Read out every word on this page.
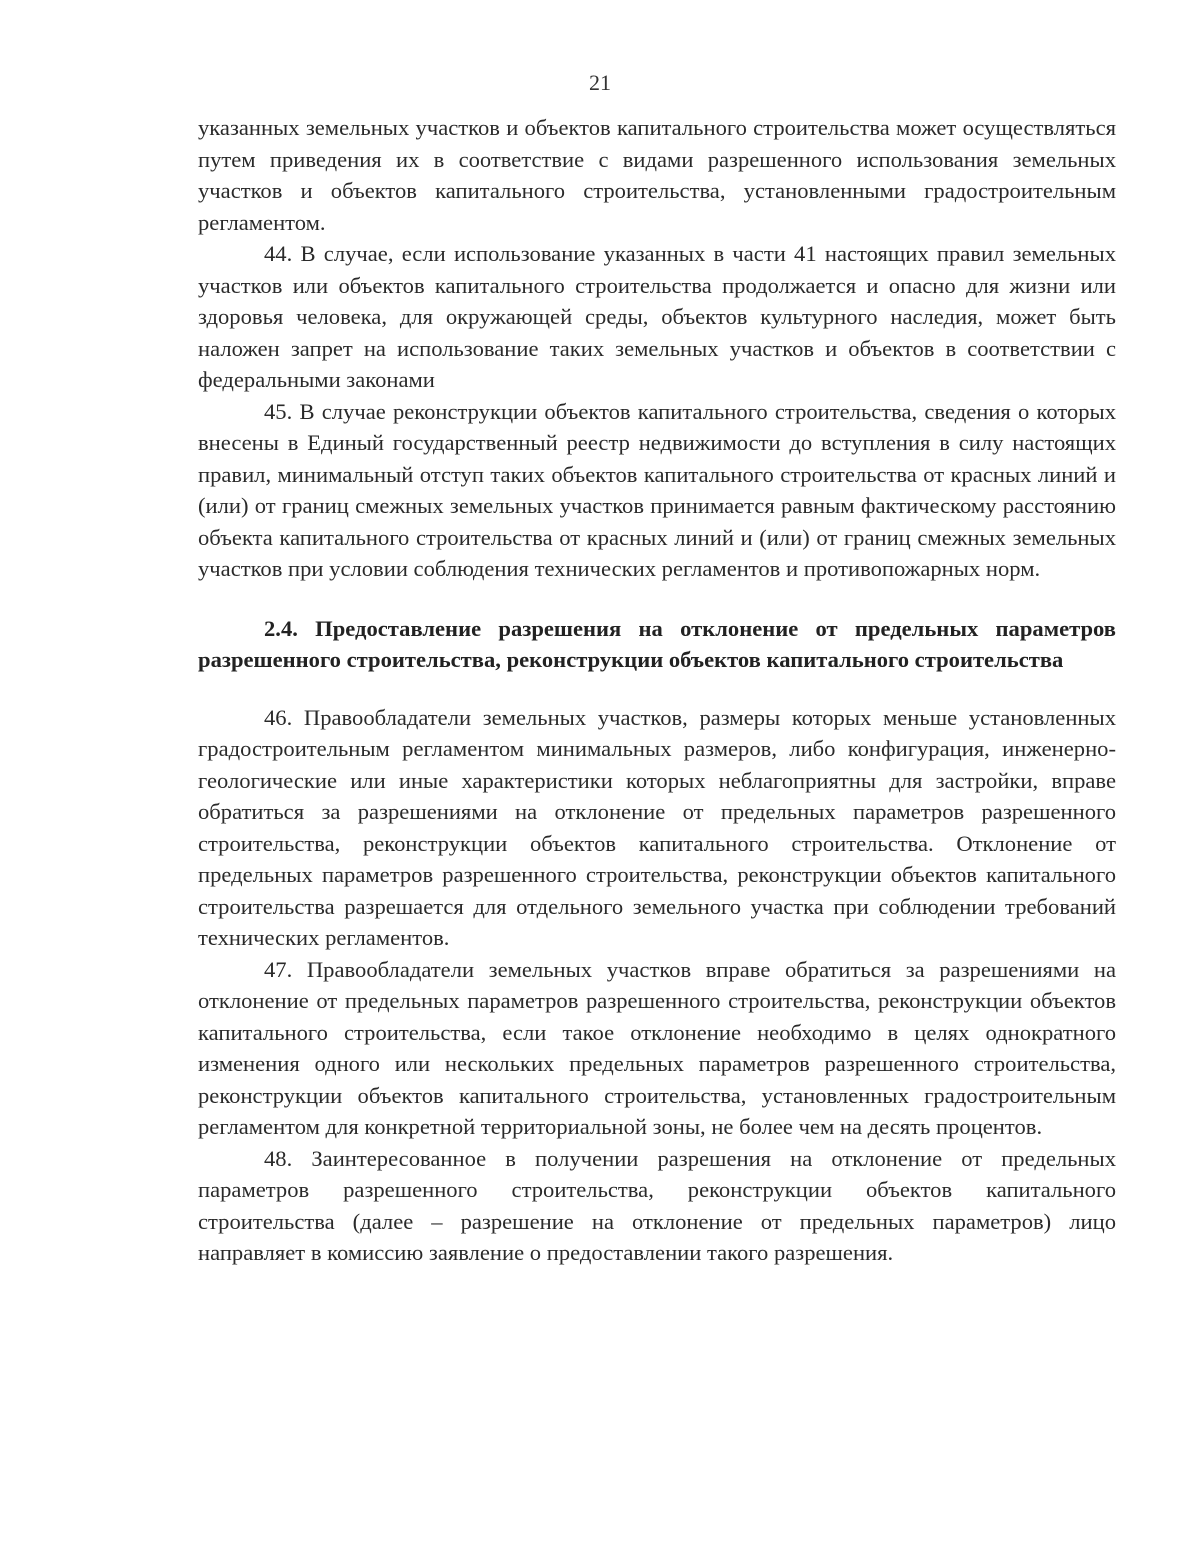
21

указанных земельных участков и объектов капитального строительства может осуществляться путем приведения их в соответствие с видами разрешенного использования земельных участков и объектов капитального строительства, установленными градостроительным регламентом.

44. В случае, если использование указанных в части 41 настоящих правил земельных участков или объектов капитального строительства продолжается и опасно для жизни или здоровья человека, для окружающей среды, объектов культурного наследия, может быть наложен запрет на использование таких земельных участков и объектов в соответствии с федеральными законами

45. В случае реконструкции объектов капитального строительства, сведения о которых внесены в Единый государственный реестр недвижимости до вступления в силу настоящих правил, минимальный отступ таких объектов капитального строительства от красных линий и (или) от границ смежных земельных участков принимается равным фактическому расстоянию объекта капитального строительства от красных линий и (или) от границ смежных земельных участков при условии соблюдения технических регламентов и противопожарных норм.

2.4. Предоставление разрешения на отклонение от предельных параметров разрешенного строительства, реконструкции объектов капитального строительства

46. Правообладатели земельных участков, размеры которых меньше установленных градостроительным регламентом минимальных размеров, либо конфигурация, инженерно-геологические или иные характеристики которых неблагоприятны для застройки, вправе обратиться за разрешениями на отклонение от предельных параметров разрешенного строительства, реконструкции объектов капитального строительства. Отклонение от предельных параметров разрешенного строительства, реконструкции объектов капитального строительства разрешается для отдельного земельного участка при соблюдении требований технических регламентов.

47. Правообладатели земельных участков вправе обратиться за разрешениями на отклонение от предельных параметров разрешенного строительства, реконструкции объектов капитального строительства, если такое отклонение необходимо в целях однократного изменения одного или нескольких предельных параметров разрешенного строительства, реконструкции объектов капитального строительства, установленных градостроительным регламентом для конкретной территориальной зоны, не более чем на десять процентов.

48. Заинтересованное в получении разрешения на отклонение от предельных параметров разрешенного строительства, реконструкции объектов капитального строительства (далее – разрешение на отклонение от предельных параметров) лицо направляет в комиссию заявление о предоставлении такого разрешения.
